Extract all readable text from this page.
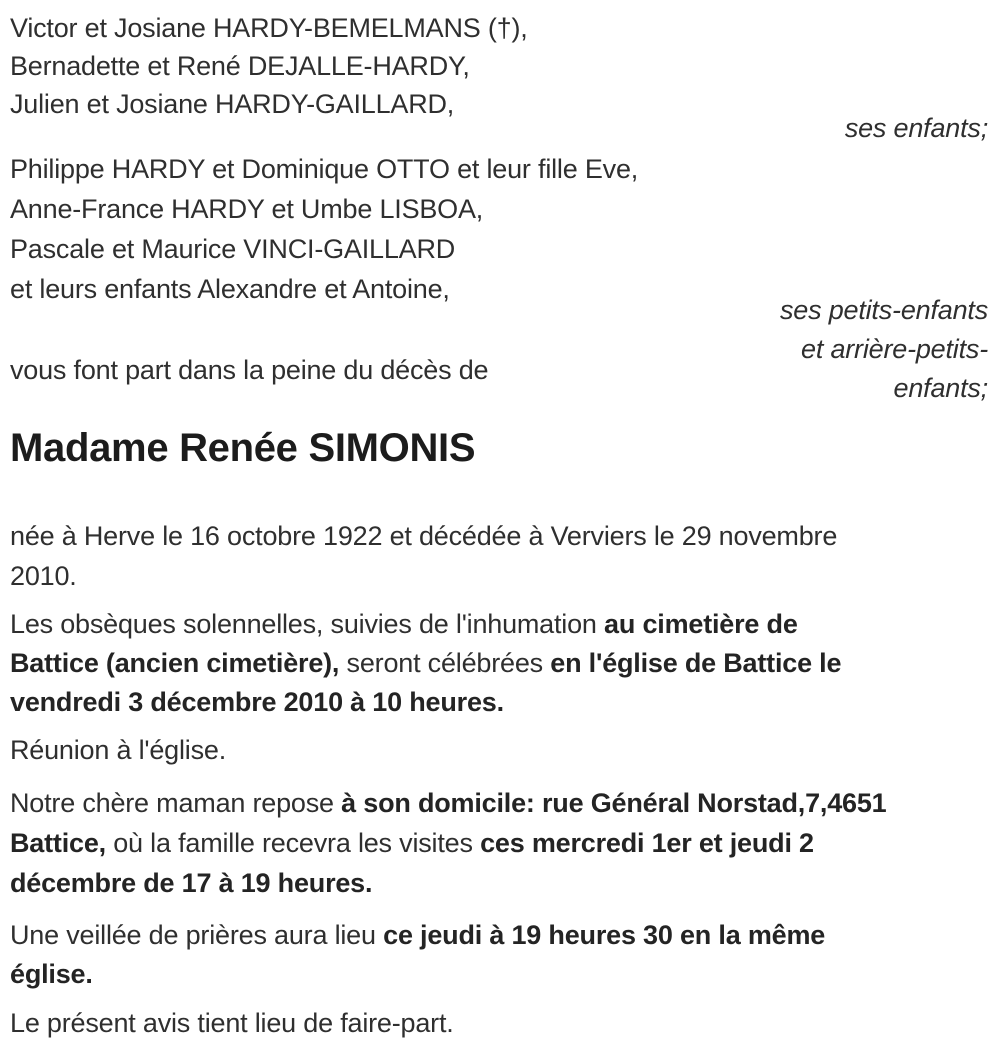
Victor et Josiane HARDY-BEMELMANS (†),
Bernadette et René DEJALLE-HARDY,
Julien et Josiane HARDY-GAILLARD,
ses enfants;
Philippe HARDY et Dominique OTTO et leur fille Eve,
Anne-France HARDY et Umbe LISBOA,
Pascale et Maurice VINCI-GAILLARD
et leurs enfants Alexandre et Antoine,
vous font part dans la peine du décès de
ses petits-enfants
et arrière-petits-
enfants;
Madame Renée SIMONIS
née à Herve le 16 octobre 1922 et décédée à Verviers le 29 novembre
2010.
Les obsèques solennelles, suivies de l'inhumation au cimetière de
Battice (ancien cimetière), seront célébrées en l'église de Battice le
vendredi 3 décembre 2010 à 10 heures.
Réunion à l'église.
Notre chère maman repose à son domicile: rue Général Norstad,7,4651
Battice, où la famille recevra les visites ces mercredi 1er et jeudi 2
décembre de 17 à 19 heures.
Une veillée de prières aura lieu ce jeudi à 19 heures 30 en la même
église.
Le présent avis tient lieu de faire-part.
